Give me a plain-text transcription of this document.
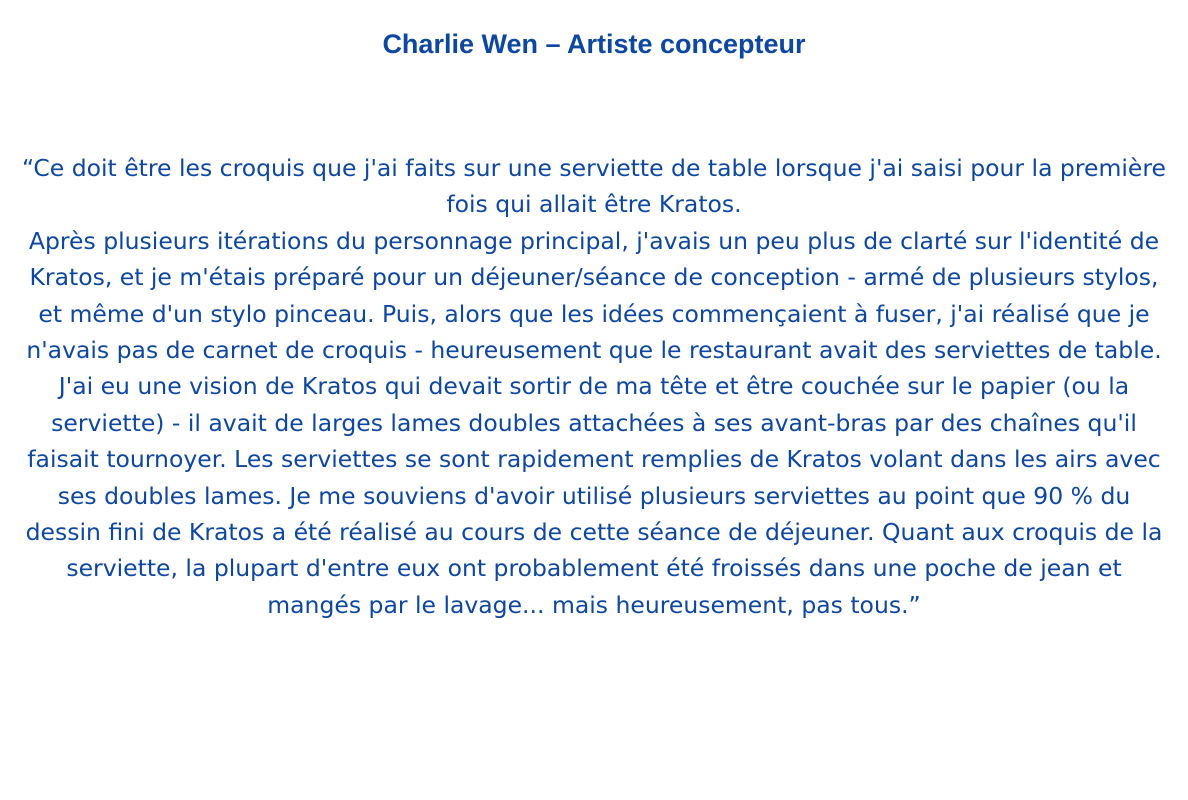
Charlie Wen – Artiste concepteur
“Ce doit être les croquis que j'ai faits sur une serviette de table lorsque j'ai saisi pour la première fois qui allait être Kratos.
Après plusieurs itérations du personnage principal, j'avais un peu plus de clarté sur l'identité de Kratos, et je m'étais préparé pour un déjeuner/séance de conception - armé de plusieurs stylos, et même d'un stylo pinceau. Puis, alors que les idées commençaient à fuser, j'ai réalisé que je n'avais pas de carnet de croquis - heureusement que le restaurant avait des serviettes de table. J'ai eu une vision de Kratos qui devait sortir de ma tête et être couchée sur le papier (ou la serviette) - il avait de larges lames doubles attachées à ses avant-bras par des chaînes qu'il faisait tournoyer. Les serviettes se sont rapidement remplies de Kratos volant dans les airs avec ses doubles lames. Je me souviens d'avoir utilisé plusieurs serviettes au point que 90 % du dessin fini de Kratos a été réalisé au cours de cette séance de déjeuner. Quant aux croquis de la serviette, la plupart d'entre eux ont probablement été froissés dans une poche de jean et mangés par le lavage... mais heureusement, pas tous.”
